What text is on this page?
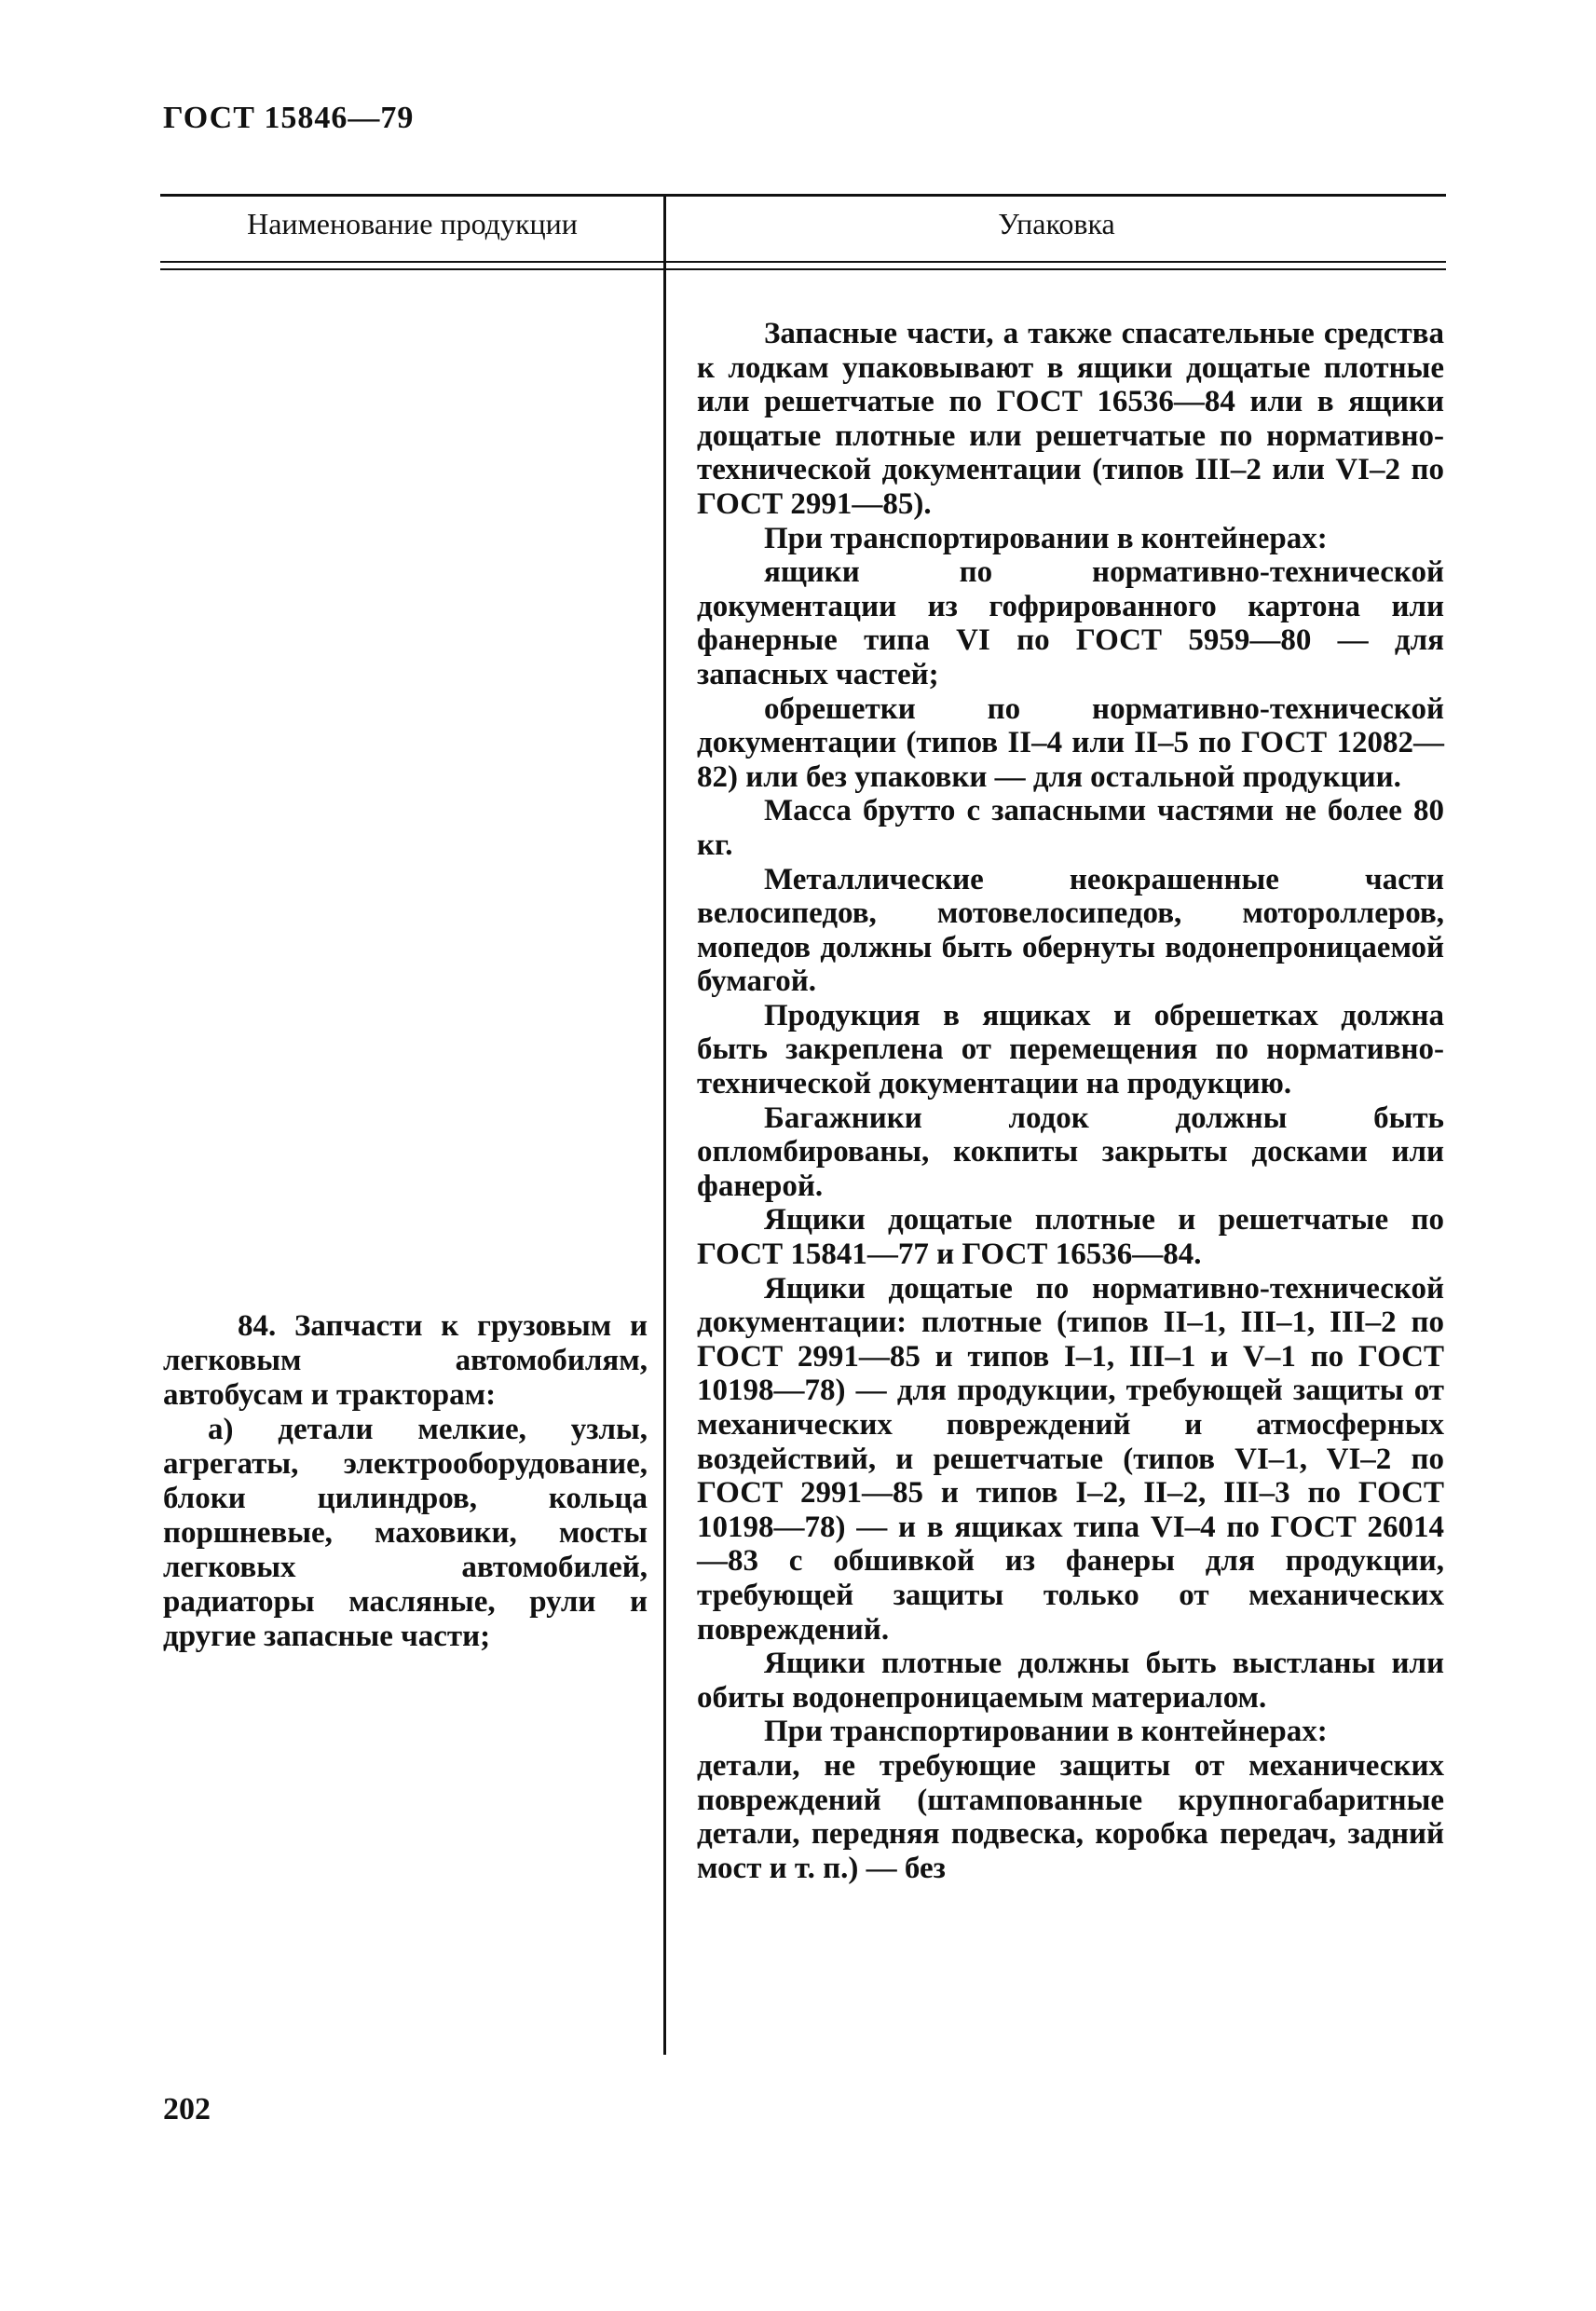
ГОСТ 15846—79
Наименование продукции	Упаковка

84. Запчасти к грузовым и легковым автомобилям, автобусам и тракторам:

а) детали мелкие, узлы, агрегаты, электрооборудование, блоки цилиндров, кольца поршневые, маховики, мосты легковых автомобилей, радиаторы масляные, рули и другие запасные части;

Запасные части, а также спасательные средства к лодкам упаковывают в ящики дощатые плотные или решетчатые по ГОСТ 16536—84 или в ящики дощатые плотные или решетчатые по нормативно-технической документации (типов III–2 или VI–2 по ГОСТ 2991—85).

При транспортировании в контейнерах:

ящики по нормативно-технической документации из гофрированного картона или фанерные типа VI по ГОСТ 5959—80 — для запасных частей;

обрешетки по нормативно-технической документации (типов II–4 или II–5 по ГОСТ 12082—82) или без упаковки — для остальной продукции.

Масса брутто с запасными частями не более 80 кг.

Металлические неокрашенные части велосипедов, мотовелосипедов, мотороллеров, мопедов должны быть обернуты водонепроницаемой бумагой.

Продукция в ящиках и обрешетках должна быть закреплена от перемещения по нормативно-технической документации на продукцию.

Багажники лодок должны быть опломбированы, кокпиты закрыты досками или фанерой.

Ящики дощатые плотные и решетчатые по ГОСТ 15841—77 и ГОСТ 16536—84.

Ящики дощатые по нормативно-технической документации: плотные (типов II–1, III–1, III–2 по ГОСТ 2991—85 и типов I–1, III–1 и V–1 по ГОСТ 10198—78) — для продукции, требующей защиты от механических повреждений и атмосферных воздействий, и решетчатые (типов VI–1, VI–2 по ГОСТ 2991—85 и типов I–2, II–2, III–3 по ГОСТ 10198—78) — и в ящиках типа VI–4 по ГОСТ 26014—83 с обшивкой из фанеры для продукции, требующей защиты только от механических повреждений.

Ящики плотные должны быть выстланы или обиты водонепроницаемым материалом.

При транспортировании в контейнерах:

детали, не требующие защиты от механических повреждений (штампованные крупногабаритные детали, передняя подвеска, коробка передач, задний мост и т. п.) — без

202
